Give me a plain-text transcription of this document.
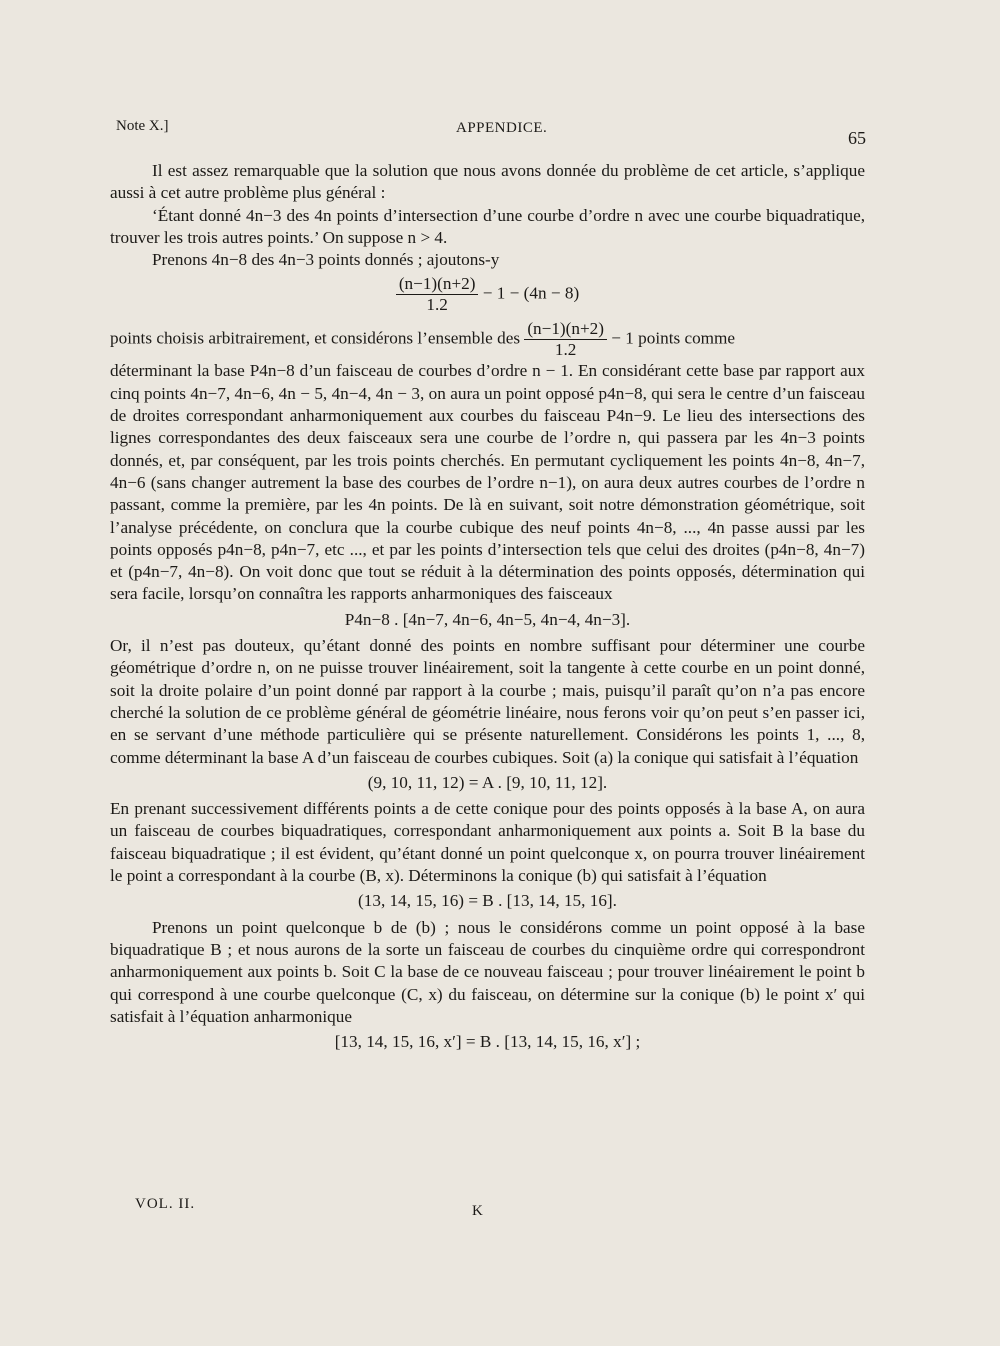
Note X.]	APPENDICE.	65

Il est assez remarquable que la solution que nous avons donnée du problème de cet article, s’applique aussi à cet autre problème plus général :

‘Étant donné 4n−3 des 4n points d’intersection d’une courbe d’ordre n avec une courbe biquadratique, trouver les trois autres points.’ On suppose n > 4.

Prenons 4n−8 des 4n−3 points donnés ; ajoutons-y

$\frac{(n-1)(n+2)}{1.2} - 1 - (4n - 8)$

points choisis arbitrairement, et considérons l’ensemble des $\frac{(n-1)(n+2)}{1.2} - 1$ points comme

déterminant la base P4n−8 d’un faisceau de courbes d’ordre n − 1. En considérant cette base par rapport aux cinq points 4n−7, 4n−6, 4n − 5, 4n−4, 4n − 3, on aura un point opposé p4n−8, qui sera le centre d’un faisceau de droites correspondant anharmoniquement aux courbes du faisceau P4n−9. Le lieu des intersections des lignes correspondantes des deux faisceaux sera une courbe de l’ordre n, qui passera par les 4n−3 points donnés, et, par conséquent, par les trois points cherchés. En permutant cycliquement les points 4n−8, 4n−7, 4n−6 (sans changer autrement la base des courbes de l’ordre n−1), on aura deux autres courbes de l’ordre n passant, comme la première, par les 4n points. De là en suivant, soit notre démonstration géométrique, soit l’analyse précédente, on conclura que la courbe cubique des neuf points 4n−8, ..., 4n passe aussi par les points opposés p4n−8, p4n−7, etc ..., et par les points d’intersection tels que celui des droites (p4n−8, 4n−7) et (p4n−7, 4n−8). On voit donc que tout se réduit à la détermination des points opposés, détermination qui sera facile, lorsqu’on connaîtra les rapports anharmoniques des faisceaux

P4n−8 . [4n−7, 4n−6, 4n−5, 4n−4, 4n−3].

Or, il n’est pas douteux, qu’étant donné des points en nombre suffisant pour déterminer une courbe géométrique d’ordre n, on ne puisse trouver linéairement, soit la tangente à cette courbe en un point donné, soit la droite polaire d’un point donné par rapport à la courbe ; mais, puisqu’il paraît qu’on n’a pas encore cherché la solution de ce problème général de géométrie linéaire, nous ferons voir qu’on peut s’en passer ici, en se servant d’une méthode particulière qui se présente naturellement. Considérons les points 1, ..., 8, comme déterminant la base A d’un faisceau de courbes cubiques. Soit (a) la conique qui satisfait à l’équation

(9, 10, 11, 12) = A . [9, 10, 11, 12].

En prenant successivement différents points a de cette conique pour des points opposés à la base A, on aura un faisceau de courbes biquadratiques, correspondant anharmoniquement aux points a. Soit B la base du faisceau biquadratique ; il est évident, qu’étant donné un point quelconque x, on pourra trouver linéairement le point a correspondant à la courbe (B, x). Déterminons la conique (b) qui satisfait à l’équation

(13, 14, 15, 16) = B . [13, 14, 15, 16].

Prenons un point quelconque b de (b) ; nous le considérons comme un point opposé à la base biquadratique B ; et nous aurons de la sorte un faisceau de courbes du cinquième ordre qui correspondront anharmoniquement aux points b. Soit C la base de ce nouveau faisceau ; pour trouver linéairement le point b qui correspond à une courbe quelconque (C, x) du faisceau, on détermine sur la conique (b) le point x′ qui satisfait à l’équation anharmonique

[13, 14, 15, 16, x′] = B . [13, 14, 15, 16, x′] ;
VOL. II.	K
